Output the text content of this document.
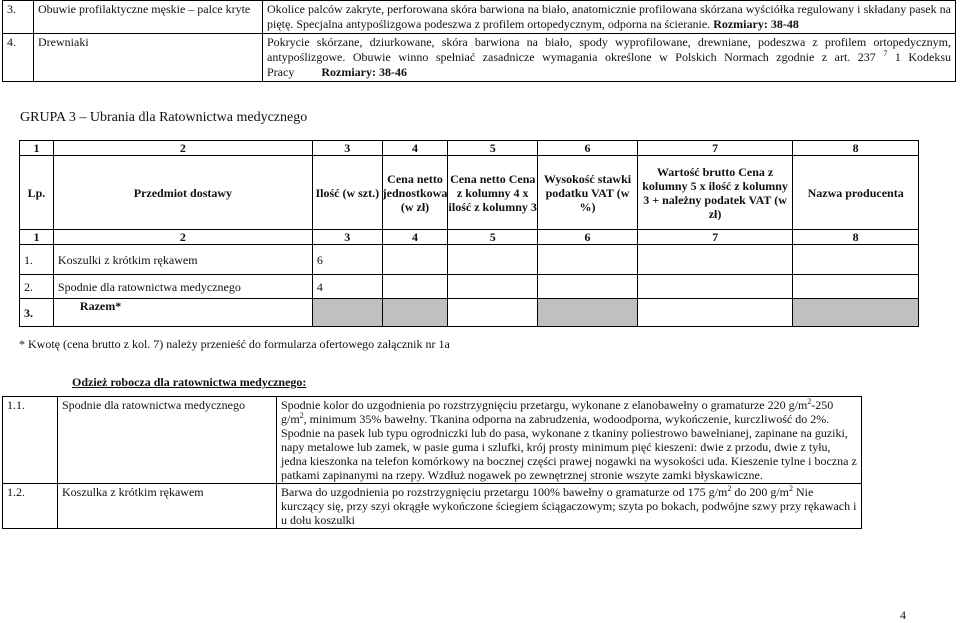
3.	Obuwie profilaktyczne męskie – palce kryte	Okolice palców zakryte, perforowana skóra barwiona na biało, anatomicznie profilowana skórzana wyściółka regulowany i składany pasek na piętę. Specjalna antypoślizgowa podeszwa z profilem ortopedycznym, odporna na ścieranie. Rozmiary: 38-48
4.	Drewniaki	Pokrycie skórzane, dziurkowane, skóra barwiona na biało, spody wyprofilowane, drewniane, podeszwa z profilem ortopedycznym, antypoślizgowe. Obuwie winno spełniać zasadnicze wymagania określone w Polskich Normach zgodnie z art. 237 $^7$ 1 Kodeksu Pracy Rozmiary: 38-46
GRUPA 3 – Ubrania dla Ratownictwa medycznego
1	2	3	4	5	6	7	8
Lp.	Przedmiot dostawy	Ilość (w szt.)	Cena netto jednostkowa (w zł)	Cena netto Cena z kolumny 4 x ilość z kolumny 3	Wysokość stawki podatku VAT (w %)	Wartość brutto Cena z kolumny 5 x ilość z kolumny 3 + należny podatek VAT (w zł)	Nazwa producenta
1	2	3	4	5	6	7	8
1.	Koszulki z krótkim rękawem	6					
2.	Spodnie dla ratownictwa medycznego	4					
3.	Razem*						
* Kwotę (cena brutto z kol. 7) należy przenieść do formularza ofertowego załącznik nr 1a
Odzież robocza dla ratownictwa medycznego:
1.1.	Spodnie dla ratownictwa medycznego	Spodnie kolor do uzgodnienia po rozstrzygnięciu przetargu, wykonane z elanobawełny o gramaturze 220 $g/m^2-250$ $g/m^2$, minimum 35% bawełny. Tkanina odporna na zabrudzenia, wodoodporna, wykończenie, kurczliwość do 2%.
Spodnie na pasek lub typu ogrodniczki lub do pasa, wykonane z tkaniny poliestrowo bawełnianej, zapinane na guziki, napy metalowe lub zamek, w pasie guma i szlufki, krój prosty minimum pięć kieszeni: dwie z przodu, dwie z tyłu, jedna kieszonka na telefon komórkowy na bocznej części prawej nogawki na wysokości uda. Kieszenie tylne i boczna z patkami zapinanymi na rzepy. Wzdłuż nogawek po zewnętrznej stronie wszyte zamki błyskawiczne.

1.2.	Koszulka z krótkim rękawem	Barwa do uzgodnienia po rozstrzygnięciu przetargu 100% bawełny o gramaturze od 175 $g/m^2$ do 200 $g/m^2$ Nie kurczący się, przy szyi okrągłe wykończone ściegiem ściągaczowym; szyta po bokach, podwójne szwy przy rękawach i u dołu koszulki
4
